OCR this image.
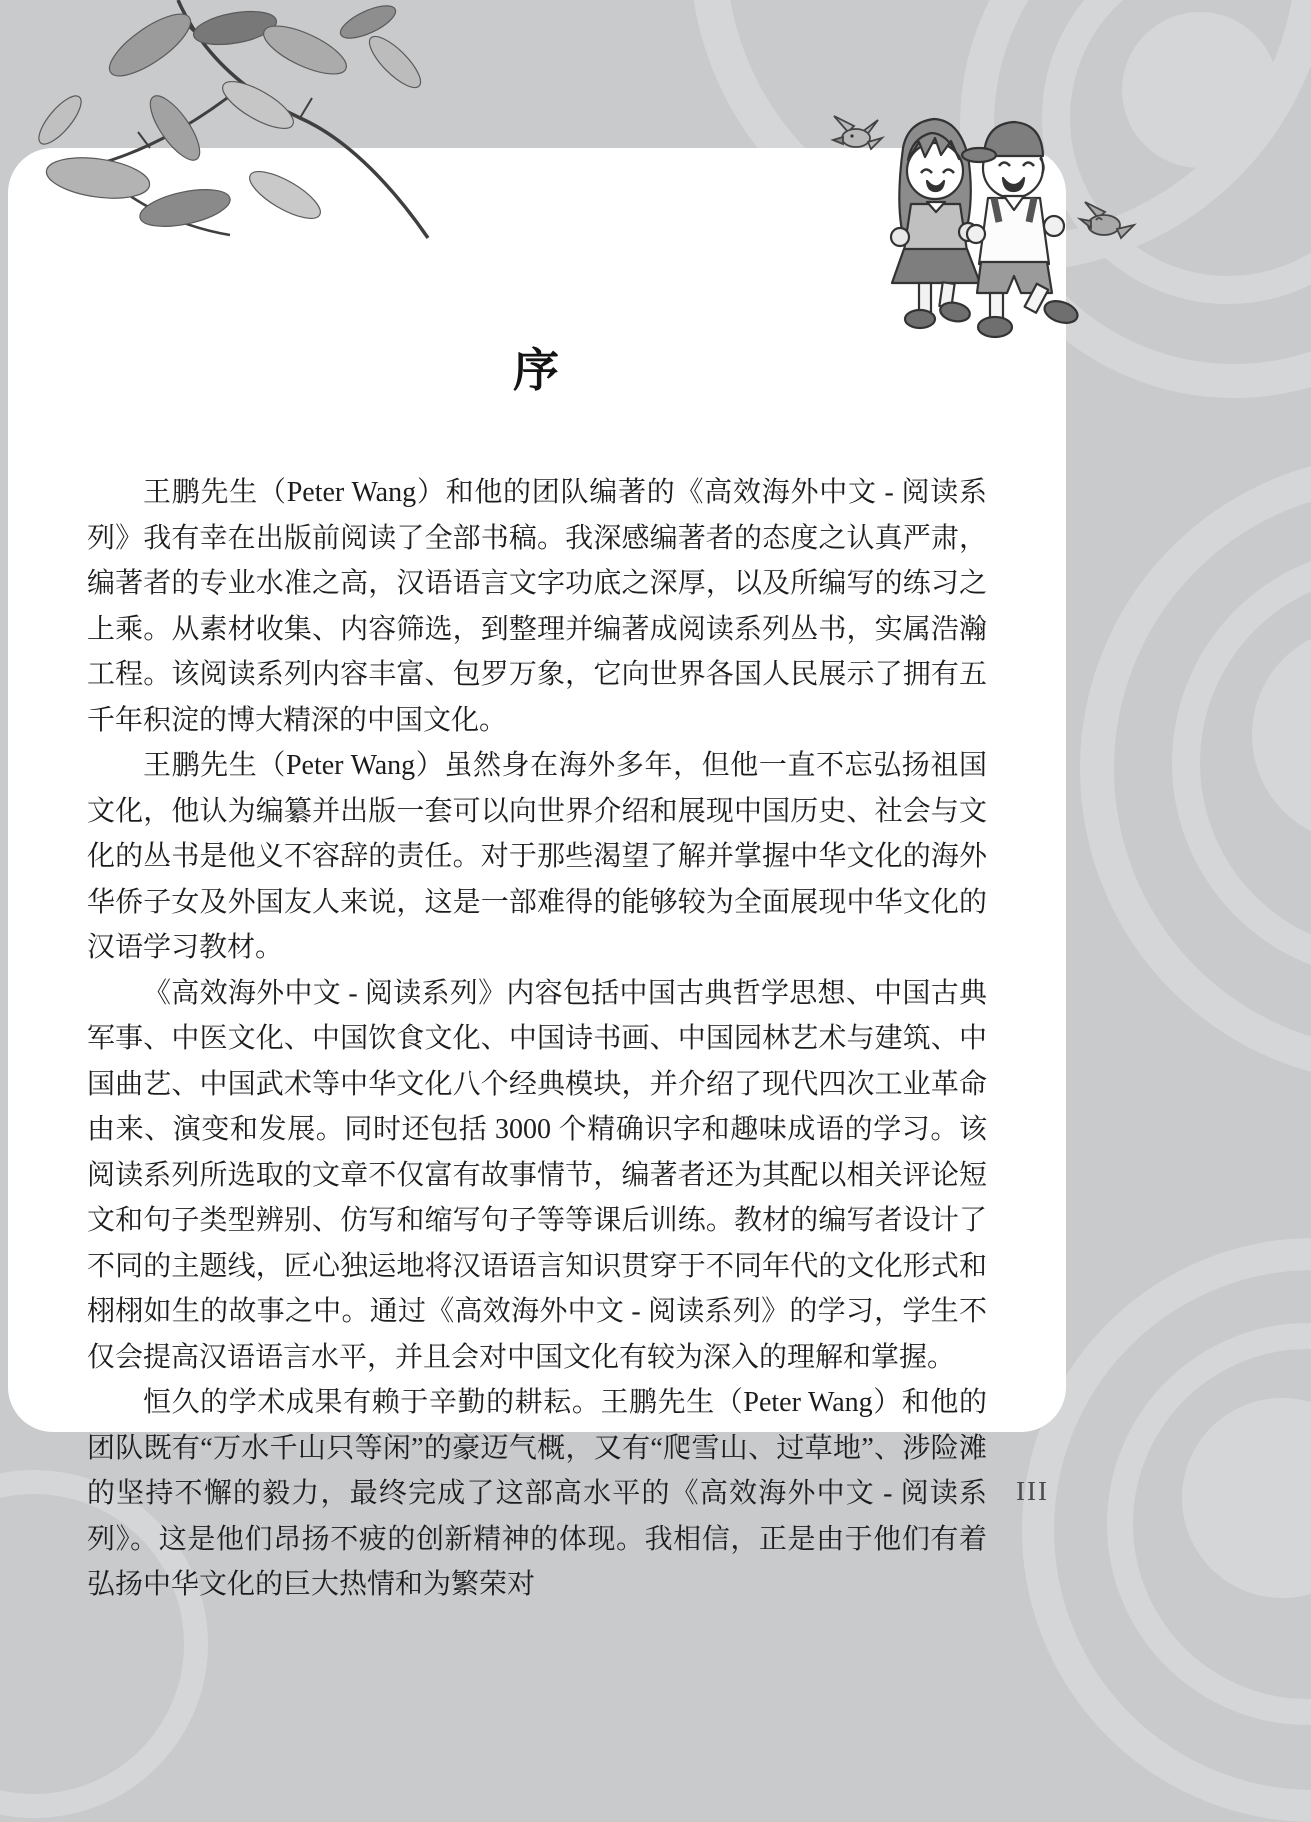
序

王鹏先生（Peter Wang）和他的团队编著的《高效海外中文 - 阅读系列》我有幸在出版前阅读了全部书稿。我深感编著者的态度之认真严肃，编著者的专业水准之高，汉语语言文字功底之深厚，以及所编写的练习之上乘。从素材收集、内容筛选，到整理并编著成阅读系列丛书，实属浩瀚工程。该阅读系列内容丰富、包罗万象，它向世界各国人民展示了拥有五千年积淀的博大精深的中国文化。

王鹏先生（Peter Wang）虽然身在海外多年，但他一直不忘弘扬祖国文化，他认为编纂并出版一套可以向世界介绍和展现中国历史、社会与文化的丛书是他义不容辞的责任。对于那些渴望了解并掌握中华文化的海外华侨子女及外国友人来说，这是一部难得的能够较为全面展现中华文化的汉语学习教材。

《高效海外中文 - 阅读系列》内容包括中国古典哲学思想、中国古典军事、中医文化、中国饮食文化、中国诗书画、中国园林艺术与建筑、中国曲艺、中国武术等中华文化八个经典模块，并介绍了现代四次工业革命由来、演变和发展。同时还包括 3000 个精确识字和趣味成语的学习。该阅读系列所选取的文章不仅富有故事情节，编著者还为其配以相关评论短文和句子类型辨别、仿写和缩写句子等等课后训练。教材的编写者设计了不同的主题线，匠心独运地将汉语语言知识贯穿于不同年代的文化形式和栩栩如生的故事之中。通过《高效海外中文 - 阅读系列》的学习，学生不仅会提高汉语语言水平，并且会对中国文化有较为深入的理解和掌握。

恒久的学术成果有赖于辛勤的耕耘。王鹏先生（Peter Wang）和他的团队既有“万水千山只等闲”的豪迈气概，又有“爬雪山、过草地”、涉险滩的坚持不懈的毅力，最终完成了这部高水平的《高效海外中文 - 阅读系列》。这是他们昂扬不疲的创新精神的体现。我相信，正是由于他们有着弘扬中华文化的巨大热情和为繁荣对

III
